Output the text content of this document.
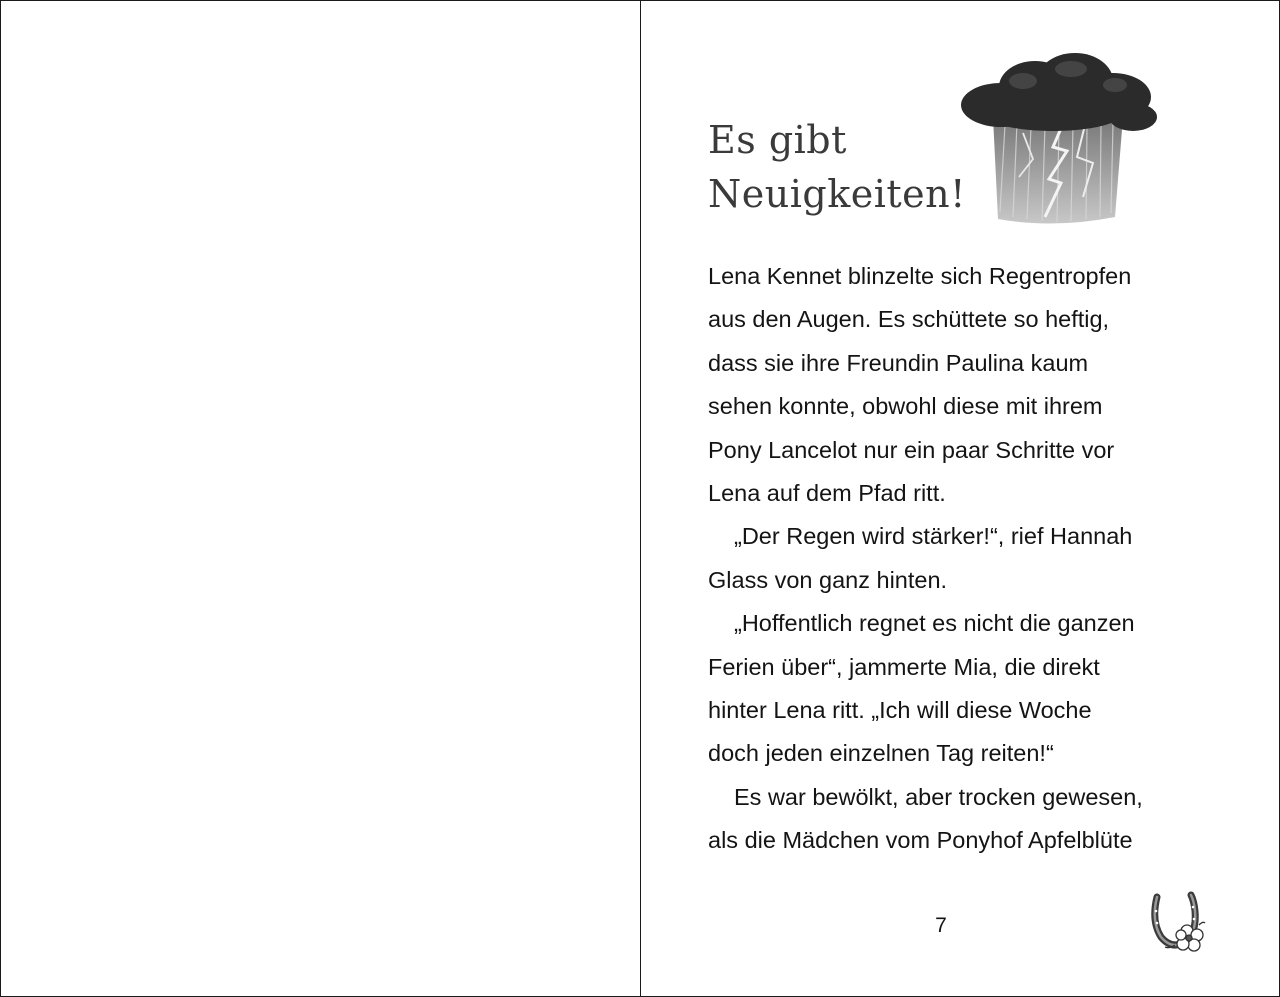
Es gibt
Neuigkeiten!

Lena Kennet blinzelte sich Regentropfen

aus den Augen. Es schüttete so heftig,

dass sie ihre Freundin Paulina kaum

sehen konnte, obwohl diese mit ihrem

Pony Lancelot nur ein paar Schritte vor

Lena auf dem Pfad ritt.

„Der Regen wird stärker!“, rief Hannah

Glass von ganz hinten.

„Hoffentlich regnet es nicht die ganzen

Ferien über“, jammerte Mia, die direkt

hinter Lena ritt. „Ich will diese Woche

doch jeden einzelnen Tag reiten!“

Es war bewölkt, aber trocken gewesen,

als die Mädchen vom Ponyhof Apfelblüte

7
